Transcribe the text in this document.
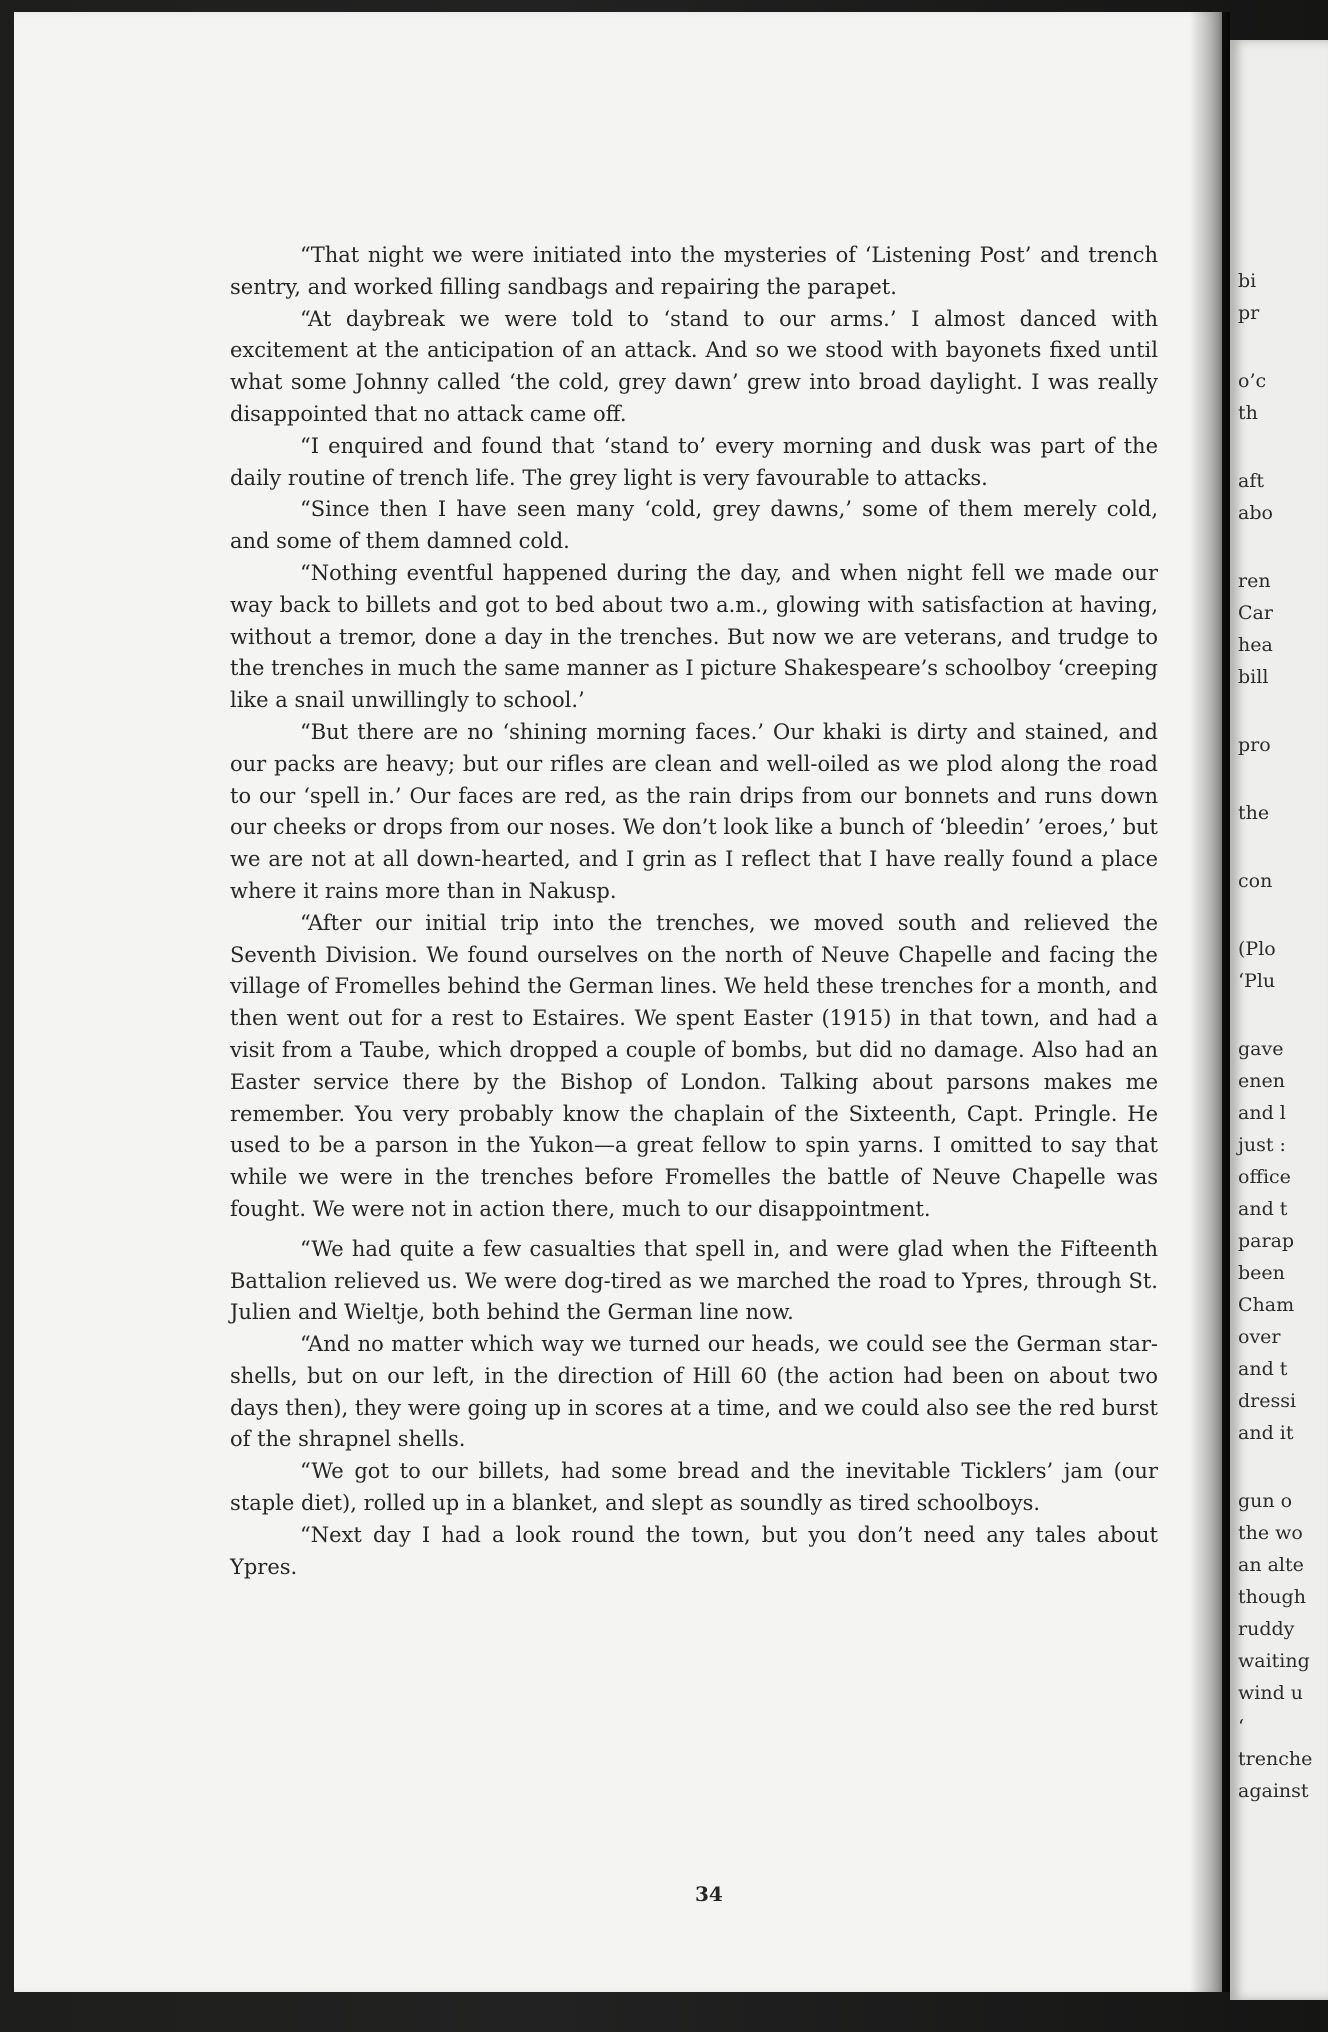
“That night we were initiated into the mysteries of ‘Listening Post’ and trench sentry, and worked filling sandbags and repairing the parapet.

“At daybreak we were told to ‘stand to our arms.’ I almost danced with excitement at the anticipation of an attack. And so we stood with bayonets fixed until what some Johnny called ‘the cold, grey dawn’ grew into broad daylight. I was really disappointed that no attack came off.

“I enquired and found that ‘stand to’ every morning and dusk was part of the daily routine of trench life. The grey light is very favourable to attacks.

“Since then I have seen many ‘cold, grey dawns,’ some of them merely cold, and some of them damned cold.

“Nothing eventful happened during the day, and when night fell we made our way back to billets and got to bed about two a.m., glowing with satisfaction at having, without a tremor, done a day in the trenches. But now we are veterans, and trudge to the trenches in much the same manner as I picture Shakespeare’s schoolboy ‘creeping like a snail unwillingly to school.’

“But there are no ‘shining morning faces.’ Our khaki is dirty and stained, and our packs are heavy; but our rifles are clean and well-oiled as we plod along the road to our ‘spell in.’ Our faces are red, as the rain drips from our bonnets and runs down our cheeks or drops from our noses. We don’t look like a bunch of ‘bleedin’ ’eroes,’ but we are not at all down-hearted, and I grin as I reflect that I have really found a place where it rains more than in Nakusp.

“After our initial trip into the trenches, we moved south and relieved the Seventh Division. We found ourselves on the north of Neuve Chapelle and facing the village of Fromelles behind the German lines. We held these trenches for a month, and then went out for a rest to Estaires. We spent Easter (1915) in that town, and had a visit from a Taube, which dropped a couple of bombs, but did no damage. Also had an Easter service there by the Bishop of London. Talking about parsons makes me remember. You very probably know the chaplain of the Sixteenth, Capt. Pringle. He used to be a parson in the Yukon—a great fellow to spin yarns. I omitted to say that while we were in the trenches before Fromelles the battle of Neuve Chapelle was fought. We were not in action there, much to our disappointment.

“We had quite a few casualties that spell in, and were glad when the Fifteenth Battalion relieved us. We were dog-tired as we marched the road to Ypres, through St. Julien and Wieltje, both behind the German line now.

“And no matter which way we turned our heads, we could see the German star-shells, but on our left, in the direction of Hill 60 (the action had been on about two days then), they were going up in scores at a time, and we could also see the red burst of the shrapnel shells.

“We got to our billets, had some bread and the inevitable Ticklers’ jam (our staple diet), rolled up in a blanket, and slept as soundly as tired schoolboys.

“Next day I had a look round the town, but you don’t need any tales about Ypres.

34
bi
pr
o’c
th
aft
abo
ren
Car
hea
bill
pro
the
con
(Plo
‘Plu
gave
enen
and l
just :
office
and t
parap
been
Cham
over
and t
dressi
and it
gun o
the wo
an alte
though
ruddy
waiting
wind u
‘
trenche
against
